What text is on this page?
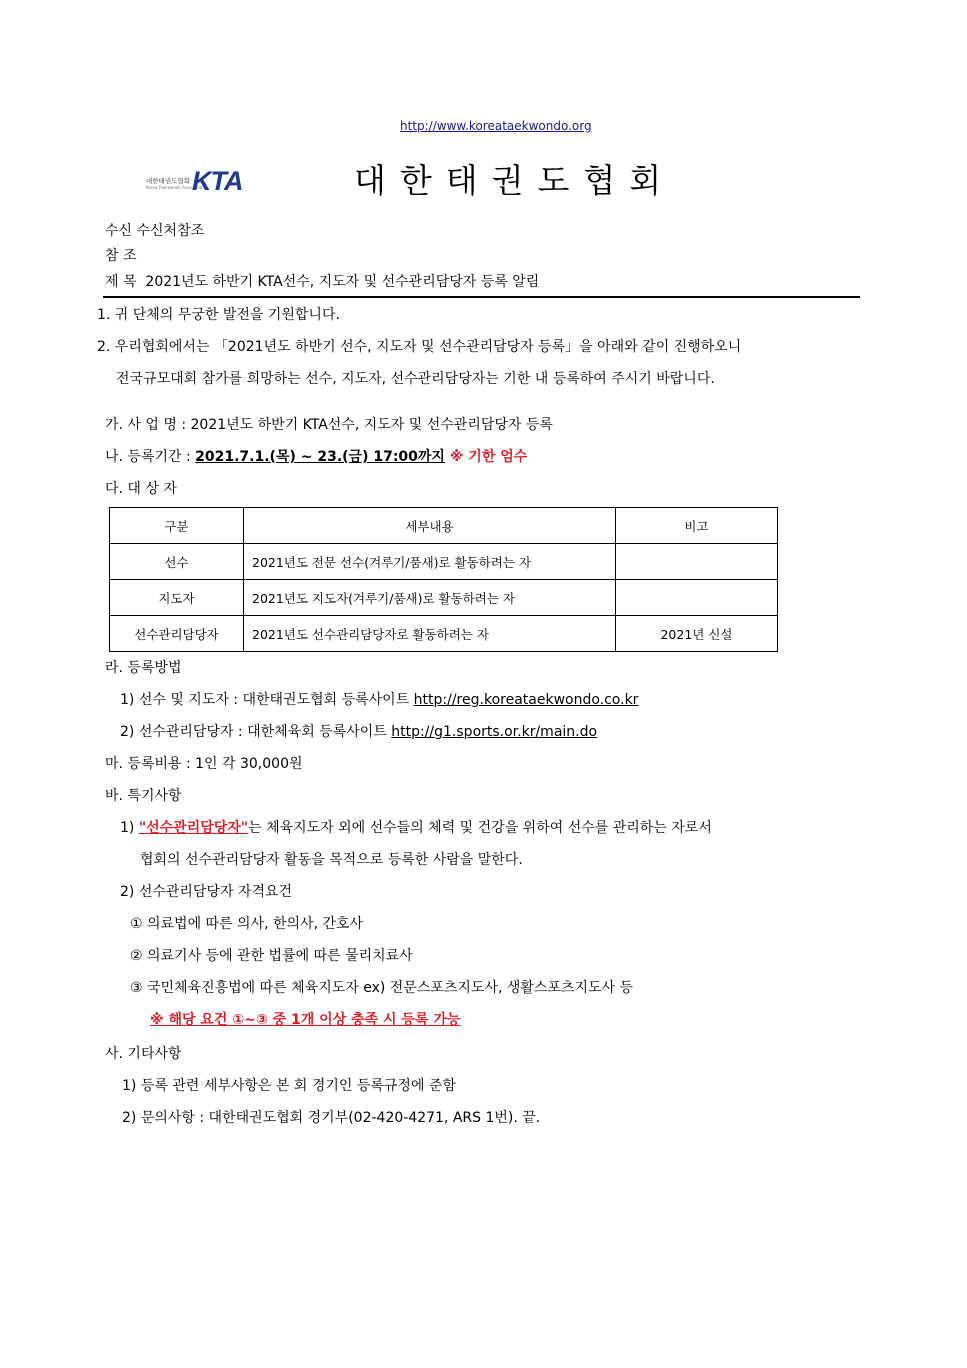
http://www.koreataekwondo.org
대한태권도협회
Korea Taekwondo Association
KTA	대한태권도협회
수신 수신처참조
참 조
제 목 2021년도 하반기 KTA선수, 지도자 및 선수관리담당자 등록 알림
1. 귀 단체의 무궁한 발전을 기원합니다.
2. 우리협회에서는 「2021년도 하반기 선수, 지도자 및 선수관리담당자 등록」을 아래와 같이 진행하오니
전국규모대회 참가를 희망하는 선수, 지도자, 선수관리담당자는 기한 내 등록하여 주시기 바랍니다.
가. 사 업 명 : 2021년도 하반기 KTA선수, 지도자 및 선수관리담당자 등록
나. 등록기간 : 2021.7.1.(목) ~ 23.(금) 17:00까지 ※ 기한 엄수
다. 대 상 자
구분	세부내용	비고
선수	2021년도 전문 선수(겨루기/품새)로 활동하려는 자	
지도자	2021년도 지도자(겨루기/품새)로 활동하려는 자	
선수관리담당자	2021년도 선수관리담당자로 활동하려는 자	2021년 신설
라. 등록방법
1) 선수 및 지도자 : 대한태권도협회 등록사이트 http://reg.koreataekwondo.co.kr
2) 선수관리담당자 : 대한체육회 등록사이트 http://g1.sports.or.kr/main.do
마. 등록비용 : 1인 각 30,000원
바. 특기사항
1) "선수관리담당자"는 체육지도자 외에 선수들의 체력 및 건강을 위하여 선수를 관리하는 자로서
협회의 선수관리담당자 활동을 목적으로 등록한 사람을 말한다.
2) 선수관리담당자 자격요건
① 의료법에 따른 의사, 한의사, 간호사
② 의료기사 등에 관한 법률에 따른 물리치료사
③ 국민체육진흥법에 따른 체육지도자 ex) 전문스포츠지도사, 생활스포츠지도사 등
※ 해당 요건 ①~③ 중 1개 이상 충족 시 등록 가능
사. 기타사항
1) 등록 관련 세부사항은 본 회 경기인 등록규정에 준함
2) 문의사항 : 대한태권도협회 경기부(02-420-4271, ARS 1번). 끝.
